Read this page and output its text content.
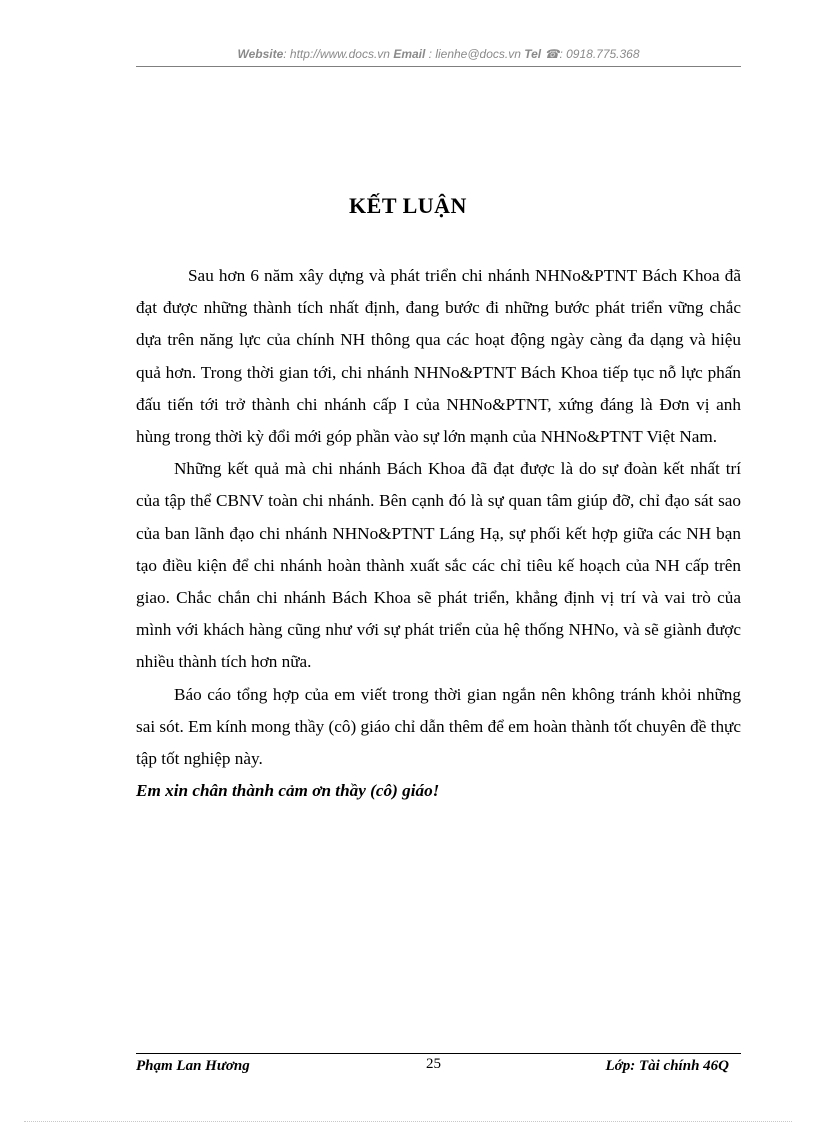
Website: http://www.docs.vn Email : lienhe@docs.vn Tel ☎: 0918.775.368
KẾT LUẬN

Sau hơn 6 năm xây dựng và phát triển chi nhánh NHNo&PTNT Bách Khoa đã đạt được những thành tích nhất định, đang bước đi những bước phát triển vững chắc dựa trên năng lực của chính NH thông qua các hoạt động ngày càng đa dạng và hiệu quả hơn. Trong thời gian tới, chi nhánh NHNo&PTNT Bách Khoa tiếp tục nỗ lực phấn đấu tiến tới trở thành chi nhánh cấp I của NHNo&PTNT, xứng đáng là Đơn vị anh hùng trong thời kỳ đổi mới góp phần vào sự lớn mạnh của NHNo&PTNT Việt Nam.

Những kết quả mà chi nhánh Bách Khoa đã đạt được là do sự đoàn kết nhất trí của tập thể CBNV toàn chi nhánh. Bên cạnh đó là sự quan tâm giúp đỡ, chỉ đạo sát sao của ban lãnh đạo chi nhánh NHNo&PTNT Láng Hạ, sự phối kết hợp giữa các NH bạn tạo điều kiện để chi nhánh hoàn thành xuất sắc các chỉ tiêu kế hoạch của NH cấp trên giao. Chắc chắn chi nhánh Bách Khoa sẽ phát triển, khẳng định vị trí và vai trò của mình với khách hàng cũng như với sự phát triển của hệ thống NHNo, và sẽ giành được nhiều thành tích hơn nữa.

Báo cáo tổng hợp của em viết trong thời gian ngắn nên không tránh khỏi những sai sót. Em kính mong thầy (cô) giáo chỉ dẫn thêm để em hoàn thành tốt chuyên đề thực tập tốt nghiệp này.

Em xin chân thành cảm ơn thầy (cô) giáo!

Phạm Lan Hương	25	Lớp: Tài chính 46Q
